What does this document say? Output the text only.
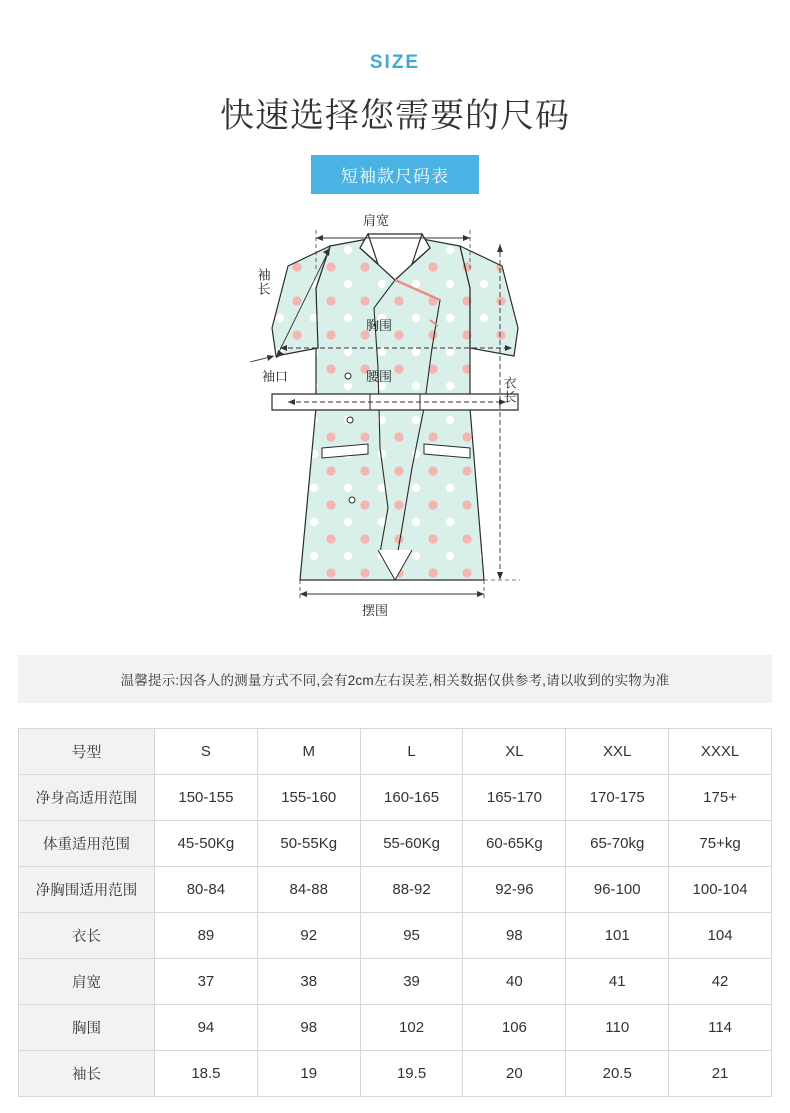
SIZE
快速选择您需要的尺码
短袖款尺码表
肩宽
袖长
胸围
袖口	腰围	衣长
摆围
温馨提示:因各人的测量方式不同,会有2cm左右误差,相关数据仅供参考,请以收到的实物为准
号型	S	M	L	XL	XXL	XXXL
净身高适用范围	150-155	155-160	160-165	165-170	170-175	175+
体重适用范围	45-50Kg	50-55Kg	55-60Kg	60-65Kg	65-70kg	75+kg
净胸围适用范围	80-84	84-88	88-92	92-96	96-100	100-104
衣长	89	92	95	98	101	104
肩宽	37	38	39	40	41	42
胸围	94	98	102	106	110	114
袖长	18.5	19	19.5	20	20.5	21
